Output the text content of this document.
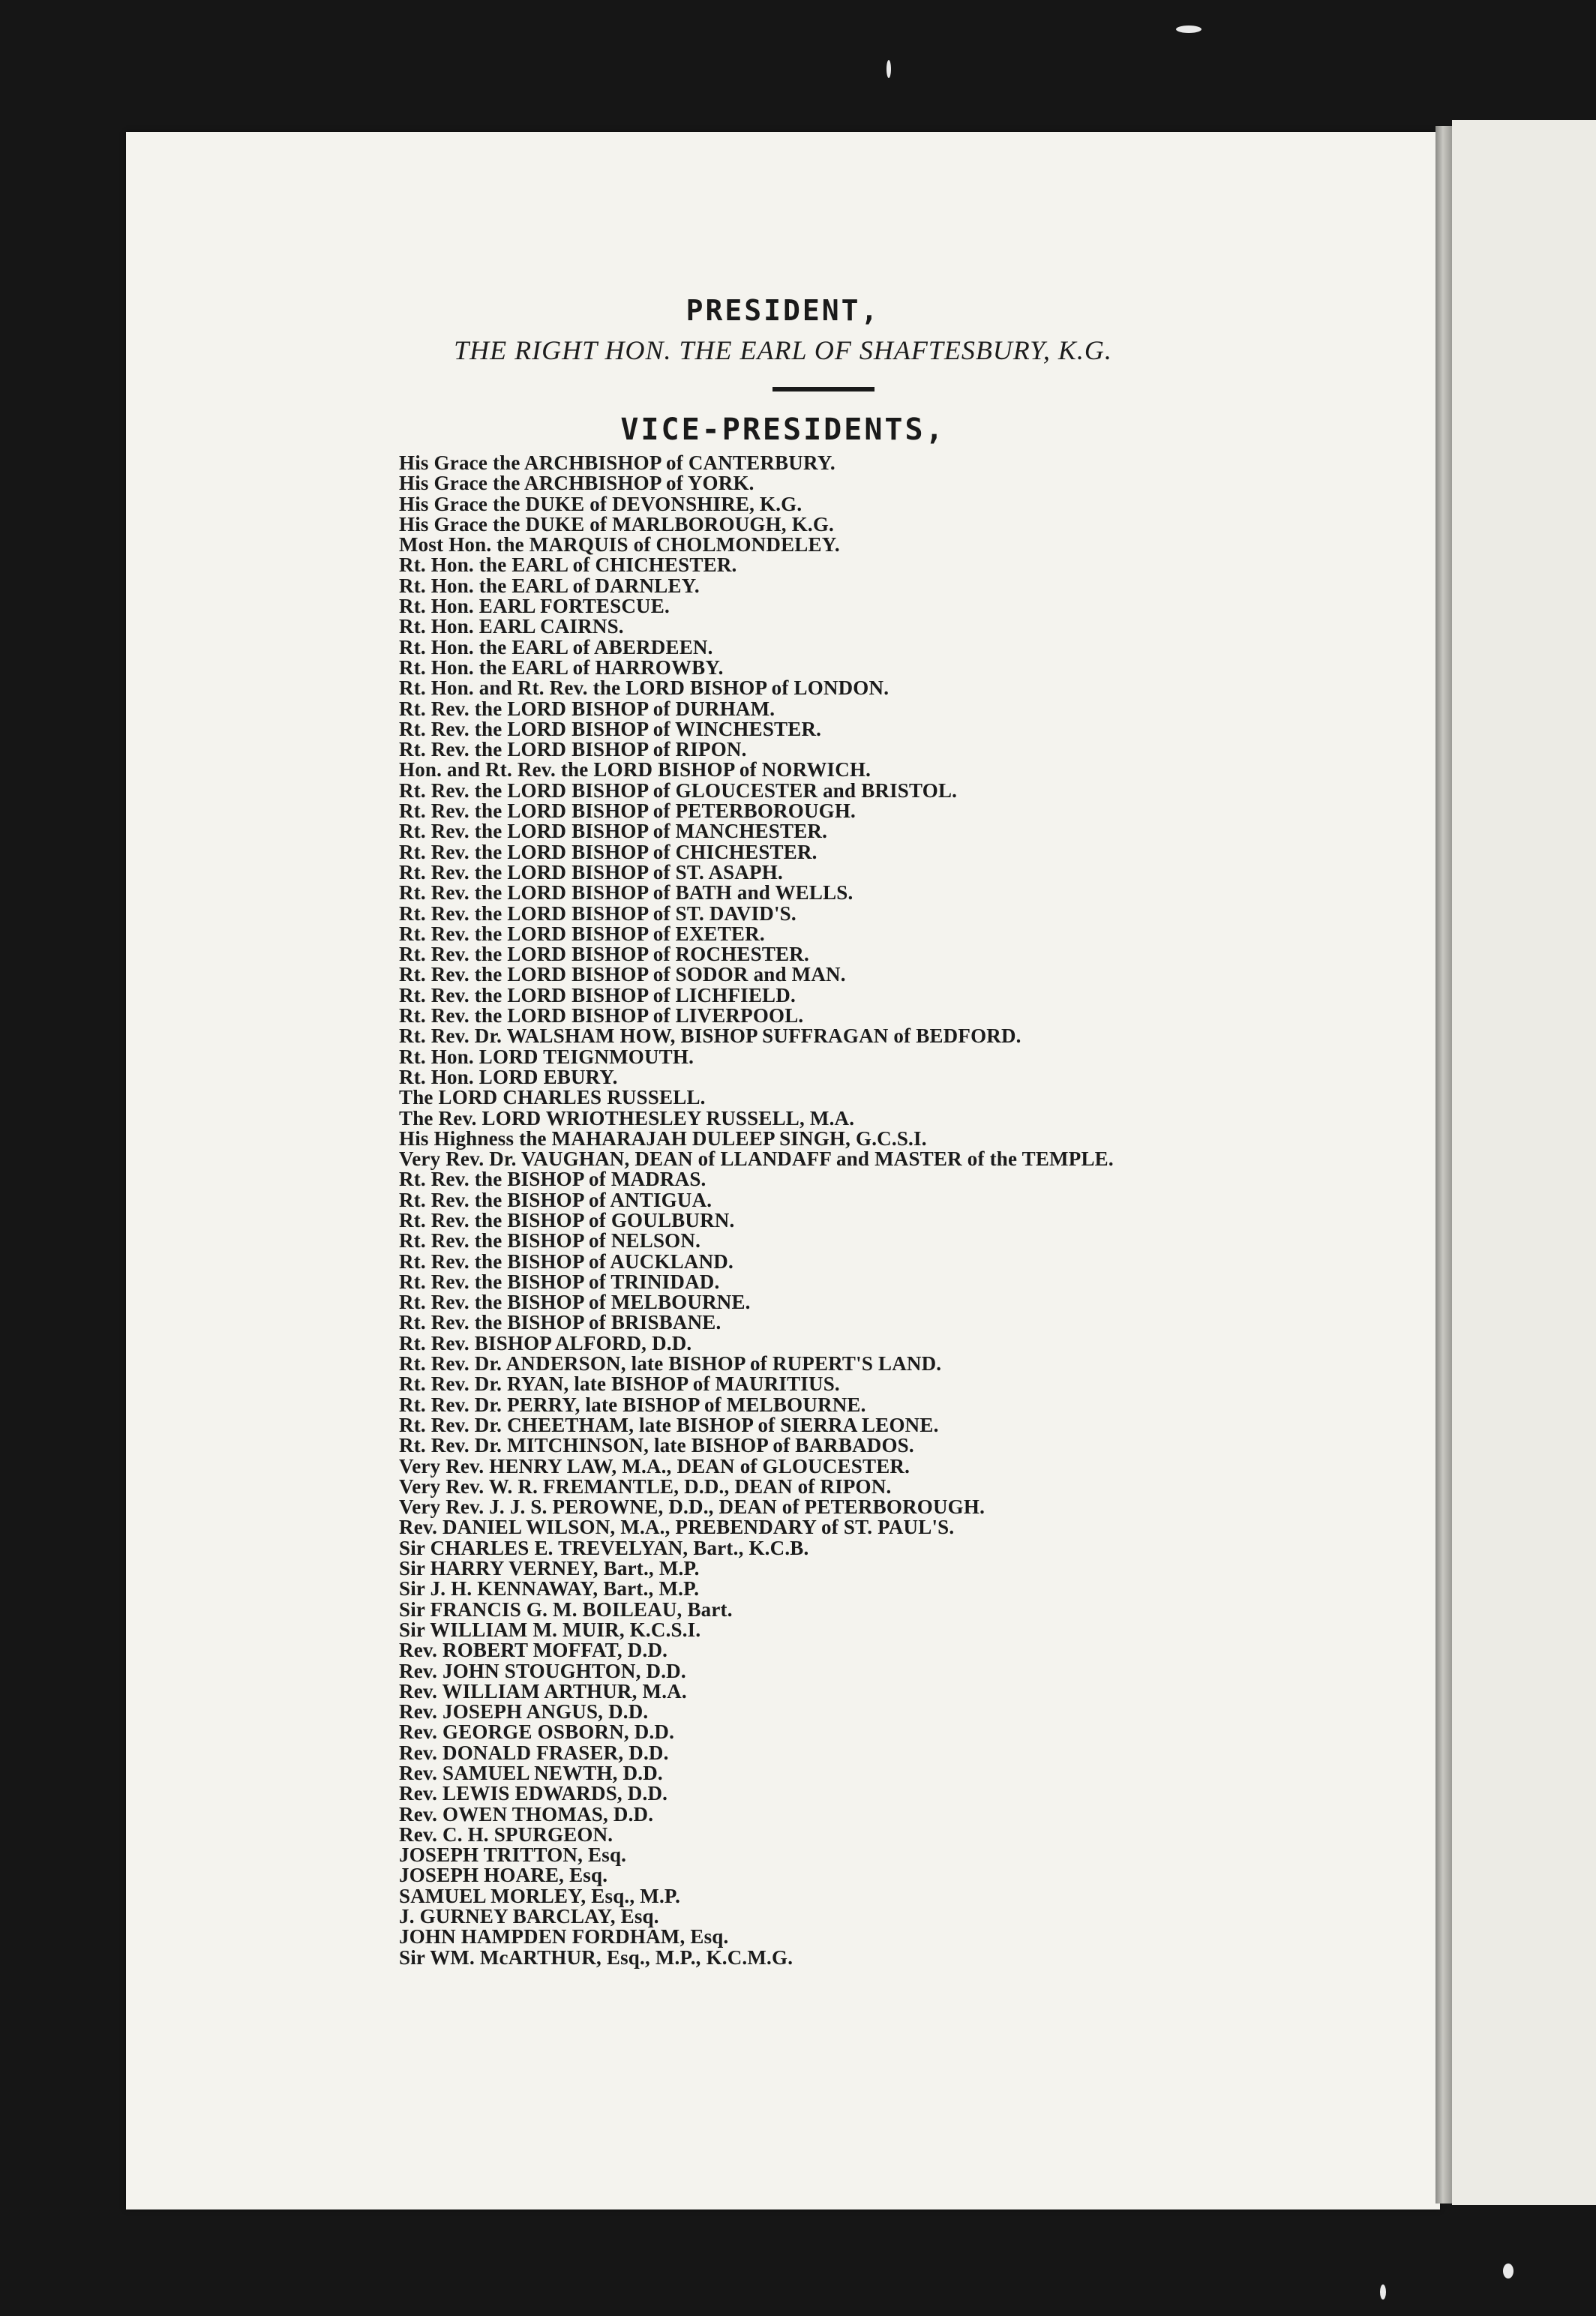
PRESIDENT,
THE RIGHT HON. THE EARL OF SHAFTESBURY, K.G.
VICE-PRESIDENTS,
His Grace the ARCHBISHOP of CANTERBURY.
His Grace the ARCHBISHOP of YORK.
His Grace the DUKE of DEVONSHIRE, K.G.
His Grace the DUKE of MARLBOROUGH, K.G.
Most Hon. the MARQUIS of CHOLMONDELEY.
Rt. Hon. the EARL of CHICHESTER.
Rt. Hon. the EARL of DARNLEY.
Rt. Hon. EARL FORTESCUE.
Rt. Hon. EARL CAIRNS.
Rt. Hon. the EARL of ABERDEEN.
Rt. Hon. the EARL of HARROWBY.
Rt. Hon. and Rt. Rev. the LORD BISHOP of LONDON.
Rt. Rev. the LORD BISHOP of DURHAM.
Rt. Rev. the LORD BISHOP of WINCHESTER.
Rt. Rev. the LORD BISHOP of RIPON.
Hon. and Rt. Rev. the LORD BISHOP of NORWICH.
Rt. Rev. the LORD BISHOP of GLOUCESTER and BRISTOL.
Rt. Rev. the LORD BISHOP of PETERBOROUGH.
Rt. Rev. the LORD BISHOP of MANCHESTER.
Rt. Rev. the LORD BISHOP of CHICHESTER.
Rt. Rev. the LORD BISHOP of ST. ASAPH.
Rt. Rev. the LORD BISHOP of BATH and WELLS.
Rt. Rev. the LORD BISHOP of ST. DAVID'S.
Rt. Rev. the LORD BISHOP of EXETER.
Rt. Rev. the LORD BISHOP of ROCHESTER.
Rt. Rev. the LORD BISHOP of SODOR and MAN.
Rt. Rev. the LORD BISHOP of LICHFIELD.
Rt. Rev. the LORD BISHOP of LIVERPOOL.
Rt. Rev. Dr. WALSHAM HOW, BISHOP SUFFRAGAN of BEDFORD.
Rt. Hon. LORD TEIGNMOUTH.
Rt. Hon. LORD EBURY.
The LORD CHARLES RUSSELL.
The Rev. LORD WRIOTHESLEY RUSSELL, M.A.
His Highness the MAHARAJAH DULEEP SINGH, G.C.S.I.
Very Rev. Dr. VAUGHAN, DEAN of LLANDAFF and MASTER of the TEMPLE.
Rt. Rev. the BISHOP of MADRAS.
Rt. Rev. the BISHOP of ANTIGUA.
Rt. Rev. the BISHOP of GOULBURN.
Rt. Rev. the BISHOP of NELSON.
Rt. Rev. the BISHOP of AUCKLAND.
Rt. Rev. the BISHOP of TRINIDAD.
Rt. Rev. the BISHOP of MELBOURNE.
Rt. Rev. the BISHOP of BRISBANE.
Rt. Rev. BISHOP ALFORD, D.D.
Rt. Rev. Dr. ANDERSON, late BISHOP of RUPERT'S LAND.
Rt. Rev. Dr. RYAN, late BISHOP of MAURITIUS.
Rt. Rev. Dr. PERRY, late BISHOP of MELBOURNE.
Rt. Rev. Dr. CHEETHAM, late BISHOP of SIERRA LEONE.
Rt. Rev. Dr. MITCHINSON, late BISHOP of BARBADOS.
Very Rev. HENRY LAW, M.A., DEAN of GLOUCESTER.
Very Rev. W. R. FREMANTLE, D.D., DEAN of RIPON.
Very Rev. J. J. S. PEROWNE, D.D., DEAN of PETERBOROUGH.
Rev. DANIEL WILSON, M.A., PREBENDARY of ST. PAUL'S.
Sir CHARLES E. TREVELYAN, Bart., K.C.B.
Sir HARRY VERNEY, Bart., M.P.
Sir J. H. KENNAWAY, Bart., M.P.
Sir FRANCIS G. M. BOILEAU, Bart.
Sir WILLIAM M. MUIR, K.C.S.I.
Rev. ROBERT MOFFAT, D.D.
Rev. JOHN STOUGHTON, D.D.
Rev. WILLIAM ARTHUR, M.A.
Rev. JOSEPH ANGUS, D.D.
Rev. GEORGE OSBORN, D.D.
Rev. DONALD FRASER, D.D.
Rev. SAMUEL NEWTH, D.D.
Rev. LEWIS EDWARDS, D.D.
Rev. OWEN THOMAS, D.D.
Rev. C. H. SPURGEON.
JOSEPH TRITTON, Esq.
JOSEPH HOARE, Esq.
SAMUEL MORLEY, Esq., M.P.
J. GURNEY BARCLAY, Esq.
JOHN HAMPDEN FORDHAM, Esq.
Sir WM. McARTHUR, Esq., M.P., K.C.M.G.
